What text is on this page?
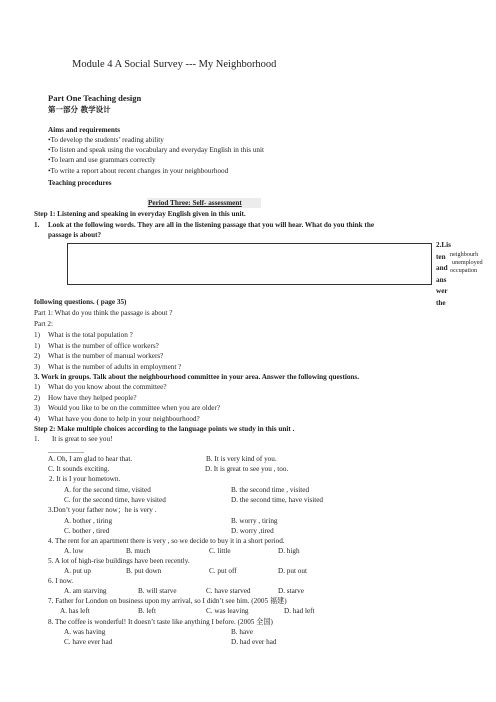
Module 4 A Social Survey --- My Neighborhood
Part One Teaching design
第一部分 教学设计
Aims and requirements
•To develop the students’ reading ability
•To listen and speak using the vocabulary and everyday English in this unit
•To learn and use grammars correctly
•To write a report about recent changes in your neighbourhood
Teaching procedures
Period Three: Self- assessment
Step 1: Listening and speaking in everyday English given in this unit.
1. Look at the following words. They are all in the listening passage that you will hear. What do you think the
passage is about?
2.Lis
ten
and
ans
wer
the
neighbourh
unemployed
occupation
following questions. ( page 35)
Part 1: What do you think the passage is about ?
Part 2:
1) What is the total population ?
1) What is the number of office workers?
2) What is the number of manual workers?
3) What is the number of adults in employment ?
3. Work in groups. Talk about the neighbourhood committee in your area. Answer the following questions.
1) What do you know about the committee?
2) How have they helped people?
3) Would you like to be on the committee when you are older?
4) What have you done to help in your neighbourhood?
Step 2: Make multiple choices according to the language points we study in this unit .
1. It is great to see you!
__________
A. Oh, I am glad to hear that.	B. It is very kind of you.
C. It sounds exciting.	D. It is great to see you , too.
2. It is I your hometown.
A. for the second time, visited	B. the second time , visited
C. for the second time, have visited	D. the second time, have visited
3.Don’t your father now；he is very .
A. bother , tiring	B. worry , tiring
C. bother , tired	D. worry ,tired
4. The rent for an apartment there is very , so we decide to buy it in a short period.
A. low	B. much	C. little	D. high
5. A lot of high-rise buildings have been recently.
A. put up	B. put down	C. put off	D. put out
6. I now.
A. am starving	B. will starve	C. have starved	D. starve
7. Father for London on business upon my arrival, so I didn’t see him. (2005 福建)
A. has left	B. left	C. was leaving	D. had left
8. The coffee is wonderful! It doesn’t taste like anything I before. (2005 全国)
A. was having	B. have
C. have ever had	D. had ever had
